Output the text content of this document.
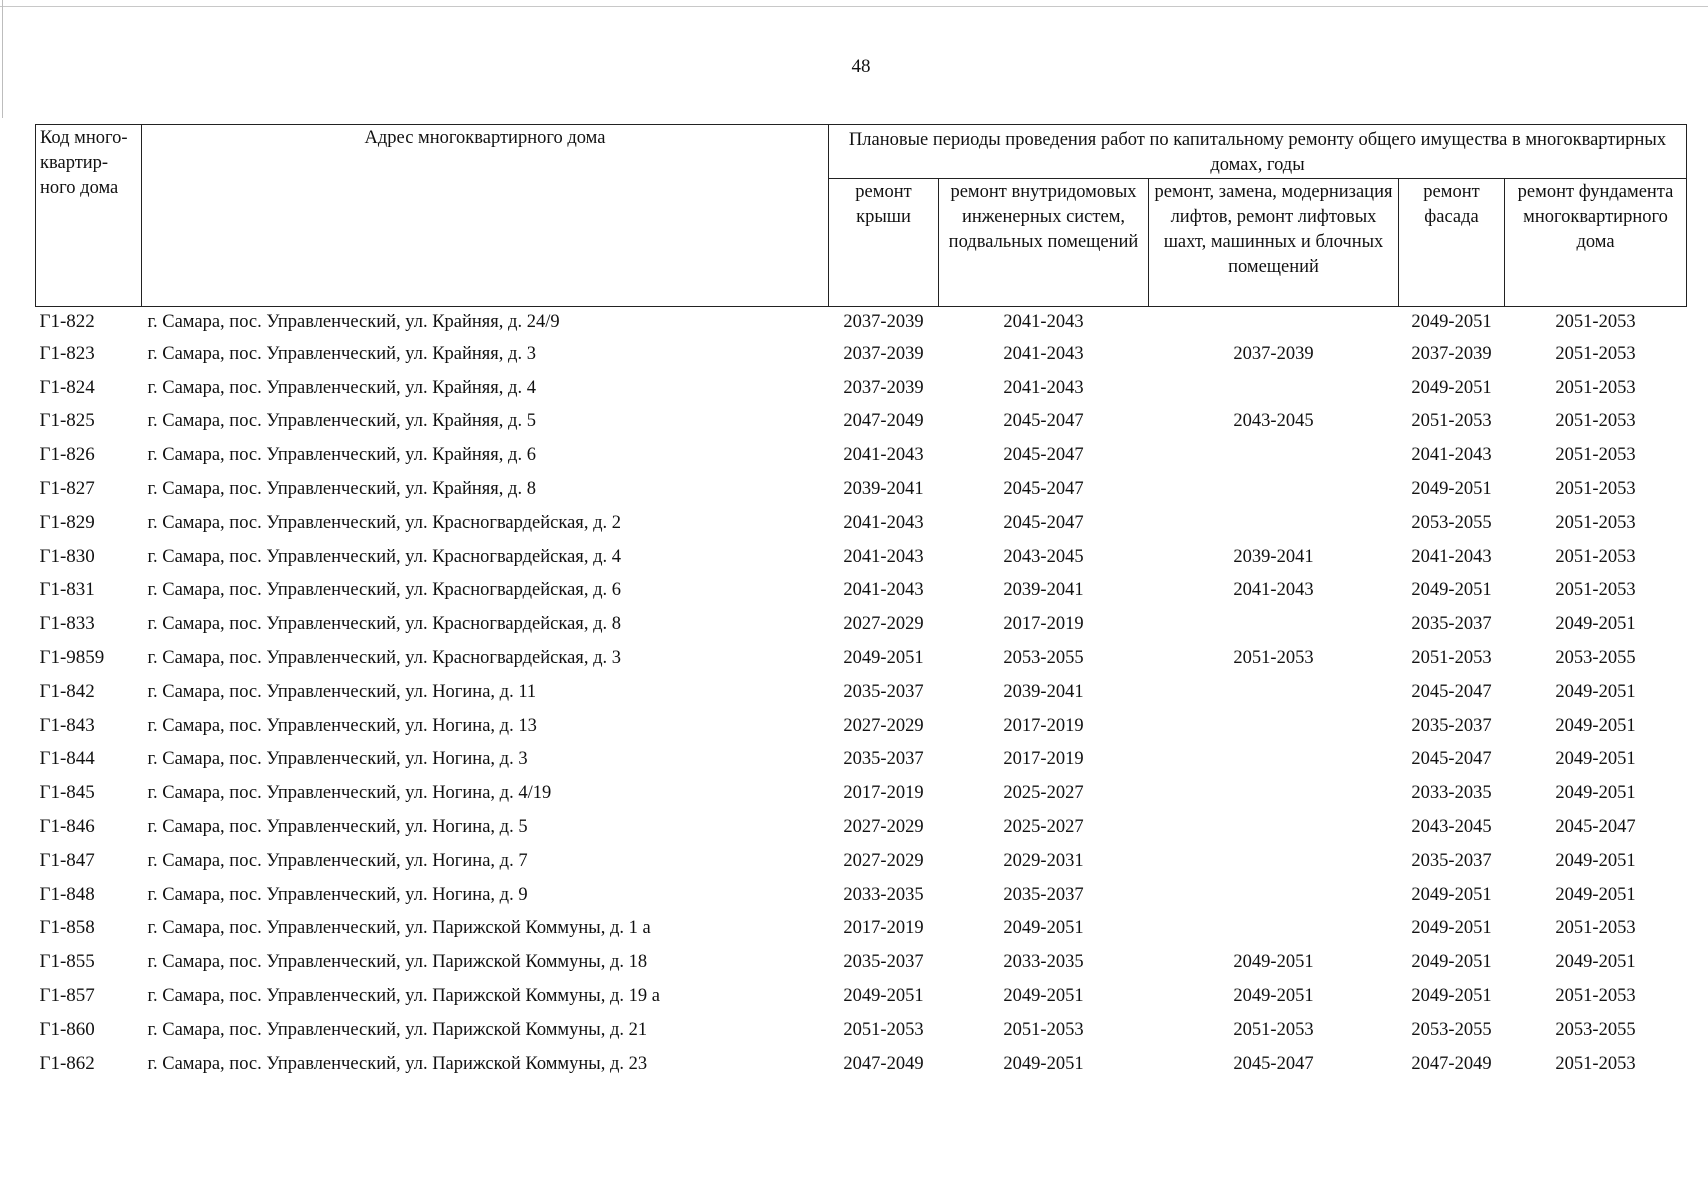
48
Код много-квартир-ного дома	Адрес многоквартирного дома	Плановые периоды проведения работ по капитальному ремонту общего имущества в многоквартирных домах, годы				
		ремонт крыши	ремонт внутридомовых инженерных систем, подвальных помещений	ремонт, замена, модернизация лифтов, ремонт лифтовых шахт, машинных и блочных помещений	ремонт фасада	ремонт фундамента многоквартирного дома
Г1-822	г. Самара, пос. Управленческий, ул. Крайняя, д. 24/9	2037-2039	2041-2043		2049-2051	2051-2053
Г1-823	г. Самара, пос. Управленческий, ул. Крайняя, д. 3	2037-2039	2041-2043	2037-2039	2037-2039	2051-2053
Г1-824	г. Самара, пос. Управленческий, ул. Крайняя, д. 4	2037-2039	2041-2043		2049-2051	2051-2053
Г1-825	г. Самара, пос. Управленческий, ул. Крайняя, д. 5	2047-2049	2045-2047	2043-2045	2051-2053	2051-2053
Г1-826	г. Самара, пос. Управленческий, ул. Крайняя, д. 6	2041-2043	2045-2047		2041-2043	2051-2053
Г1-827	г. Самара, пос. Управленческий, ул. Крайняя, д. 8	2039-2041	2045-2047		2049-2051	2051-2053
Г1-829	г. Самара, пос. Управленческий, ул. Красногвардейская, д. 2	2041-2043	2045-2047		2053-2055	2051-2053
Г1-830	г. Самара, пос. Управленческий, ул. Красногвардейская, д. 4	2041-2043	2043-2045	2039-2041	2041-2043	2051-2053
Г1-831	г. Самара, пос. Управленческий, ул. Красногвардейская, д. 6	2041-2043	2039-2041	2041-2043	2049-2051	2051-2053
Г1-833	г. Самара, пос. Управленческий, ул. Красногвардейская, д. 8	2027-2029	2017-2019		2035-2037	2049-2051
Г1-9859	г. Самара, пос. Управленческий, ул. Красногвардейская, д. 3	2049-2051	2053-2055	2051-2053	2051-2053	2053-2055
Г1-842	г. Самара, пос. Управленческий, ул. Ногина, д. 11	2035-2037	2039-2041		2045-2047	2049-2051
Г1-843	г. Самара, пос. Управленческий, ул. Ногина, д. 13	2027-2029	2017-2019		2035-2037	2049-2051
Г1-844	г. Самара, пос. Управленческий, ул. Ногина, д. 3	2035-2037	2017-2019		2045-2047	2049-2051
Г1-845	г. Самара, пос. Управленческий, ул. Ногина, д. 4/19	2017-2019	2025-2027		2033-2035	2049-2051
Г1-846	г. Самара, пос. Управленческий, ул. Ногина, д. 5	2027-2029	2025-2027		2043-2045	2045-2047
Г1-847	г. Самара, пос. Управленческий, ул. Ногина, д. 7	2027-2029	2029-2031		2035-2037	2049-2051
Г1-848	г. Самара, пос. Управленческий, ул. Ногина, д. 9	2033-2035	2035-2037		2049-2051	2049-2051
Г1-858	г. Самара, пос. Управленческий, ул. Парижской Коммуны, д. 1 а	2017-2019	2049-2051		2049-2051	2051-2053
Г1-855	г. Самара, пос. Управленческий, ул. Парижской Коммуны, д. 18	2035-2037	2033-2035	2049-2051	2049-2051	2049-2051
Г1-857	г. Самара, пос. Управленческий, ул. Парижской Коммуны, д. 19 а	2049-2051	2049-2051	2049-2051	2049-2051	2051-2053
Г1-860	г. Самара, пос. Управленческий, ул. Парижской Коммуны, д. 21	2051-2053	2051-2053	2051-2053	2053-2055	2053-2055
Г1-862	г. Самара, пос. Управленческий, ул. Парижской Коммуны, д. 23	2047-2049	2049-2051	2045-2047	2047-2049	2051-2053
